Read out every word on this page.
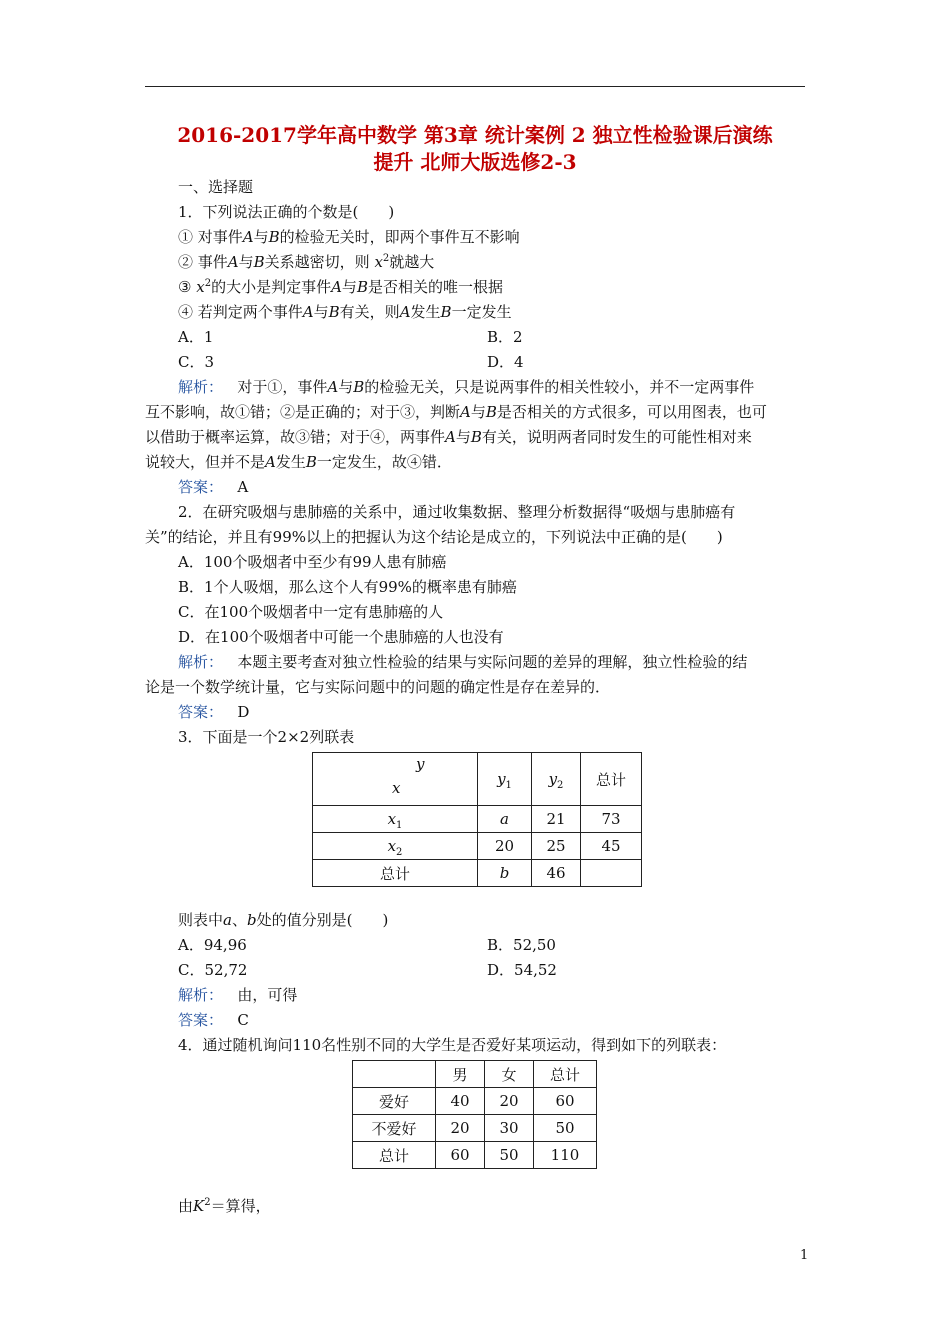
2016-2017学年高中数学 第3章 统计案例 2 独立性检验课后演练
提升 北师大版选修2-3
一、选择题
1．下列说法正确的个数是(　　)
① 对事件A与B的检验无关时，即两个事件互不影响
② 事件A与B关系越密切，则 $x^2$就越大
③ $x^2$的大小是判定事件A与B是否相关的唯一根据
④ 若判定两个事件A与B有关，则A发生B一定发生
A．1	B．2
C．3	D．4
解析： 对于①，事件A与B的检验无关，只是说两事件的相关性较小，并不一定两事件
互不影响，故①错；②是正确的；对于③，判断A与B是否相关的方式很多，可以用图表，也可
以借助于概率运算，故③错；对于④，两事件A与B有关，说明两者同时发生的可能性相对来
说较大，但并不是A发生B一定发生，故④错．
答案： A
2．在研究吸烟与患肺癌的关系中，通过收集数据、整理分析数据得“吸烟与患肺癌有
关”的结论，并且有99%以上的把握认为这个结论是成立的，下列说法中正确的是(　　)
A．100个吸烟者中至少有99人患有肺癌
B．1个人吸烟，那么这个人有99%的概率患有肺癌
C．在100个吸烟者中一定有患肺癌的人
D．在100个吸烟者中可能一个患肺癌的人也没有
解析： 本题主要考查对独立性检验的结果与实际问题的差异的理解，独立性检验的结
论是一个数学统计量，它与实际问题中的问题的确定性是存在差异的．
答案： D
3．下面是一个2×2列联表
y
x	$y_1$	$y_2$	总计
$x_1$	a	21	73
$x_2$	20	25	45
总计	b	46	
则表中a、b处的值分别是(　　)
A．94,96	B．52,50
C．52,72	D．54,52
解析： 由，可得
答案： C
4．通过随机询问110名性别不同的大学生是否爱好某项运动，得到如下的列联表：
	男	女	总计
爱好	40	20	60
不爱好	20	30	50
总计	60	50	110
由$K^2=$算得，
1
